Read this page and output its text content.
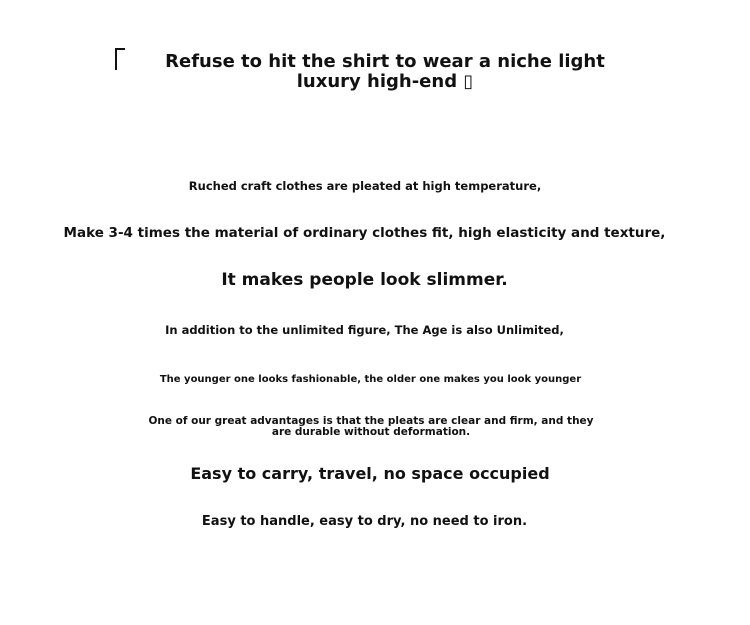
Refuse to hit the shirt to wear a niche light luxury high-end ▯
Ruched craft clothes are pleated at high temperature,
Make 3-4 times the material of ordinary clothes fit, high elasticity and texture,
It makes people look slimmer.
In addition to the unlimited figure, The Age is also Unlimited,
The younger one looks fashionable, the older one makes you look younger
One of our great advantages is that the pleats are clear and firm, and they are durable without deformation.
Easy to carry, travel, no space occupied
Easy to handle, easy to dry, no need to iron.
